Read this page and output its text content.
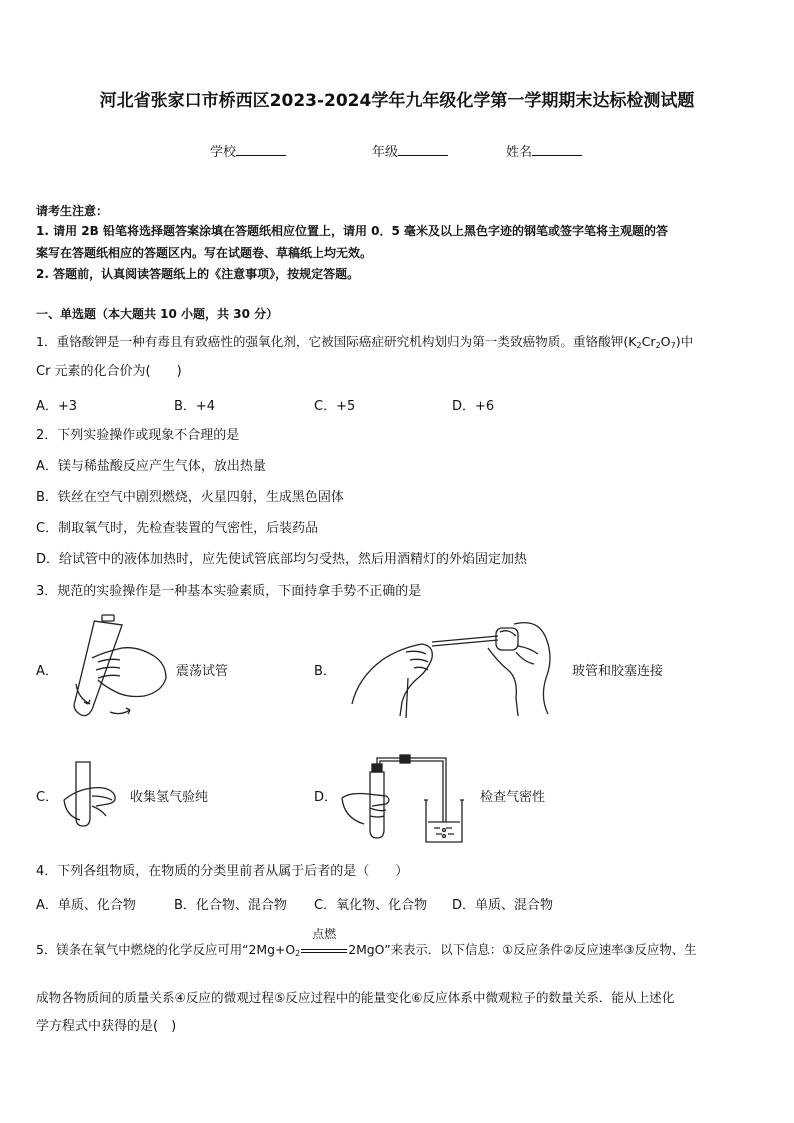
河北省张家口市桥西区2023-2024学年九年级化学第一学期期末达标检测试题
学校	年级	姓名
请考生注意：
1. 请用 2B 铅笔将选择题答案涂填在答题纸相应位置上，请用 0．5 毫米及以上黑色字迹的钢笔或签字笔将主观题的答
案写在答题纸相应的答题区内。写在试题卷、草稿纸上均无效。
2. 答题前，认真阅读答题纸上的《注意事项》，按规定答题。
一、单选题（本大题共 10 小题，共 30 分）
1．重铬酸钾是一种有毒且有致癌性的强氧化剂，它被国际癌症研究机构划归为第一类致癌物质。重铬酸钾$(K_2Cr_2O_7)$中
Cr 元素的化合价为(　　)
A．+3	B．+4	C．+5	D．+6
2．下列实验操作或现象不合理的是
A．镁与稀盐酸反应产生气体，放出热量
B．铁丝在空气中剧烈燃烧，火星四射，生成黑色固体
C．制取氧气时，先检查装置的气密性，后装药品
D．给试管中的液体加热时，应先使试管底部均匀受热，然后用酒精灯的外焰固定加热
3．规范的实验操作是一种基本实验素质，下面持拿手势不正确的是
A．	震荡试管	B．	玻管和胶塞连接
C．	收集氢气验纯	D．	检查气密性
4．下列各组物质，在物质的分类里前者从属于后者的是（　　）
A．单质、化合物	B．化合物、混合物 C．氧化物、化合物 D．单质、混合物
5．镁条在氧气中燃烧的化学反应可用“$2Mg+O_2$
点燃
2MgO”来表示．以下信息：①反应条件②反应速率③反应物、生
成物各物质间的质量关系④反应的微观过程⑤反应过程中的能量变化⑥反应体系中微观粒子的数量关系．能从上述化
学方程式中获得的是(　)
